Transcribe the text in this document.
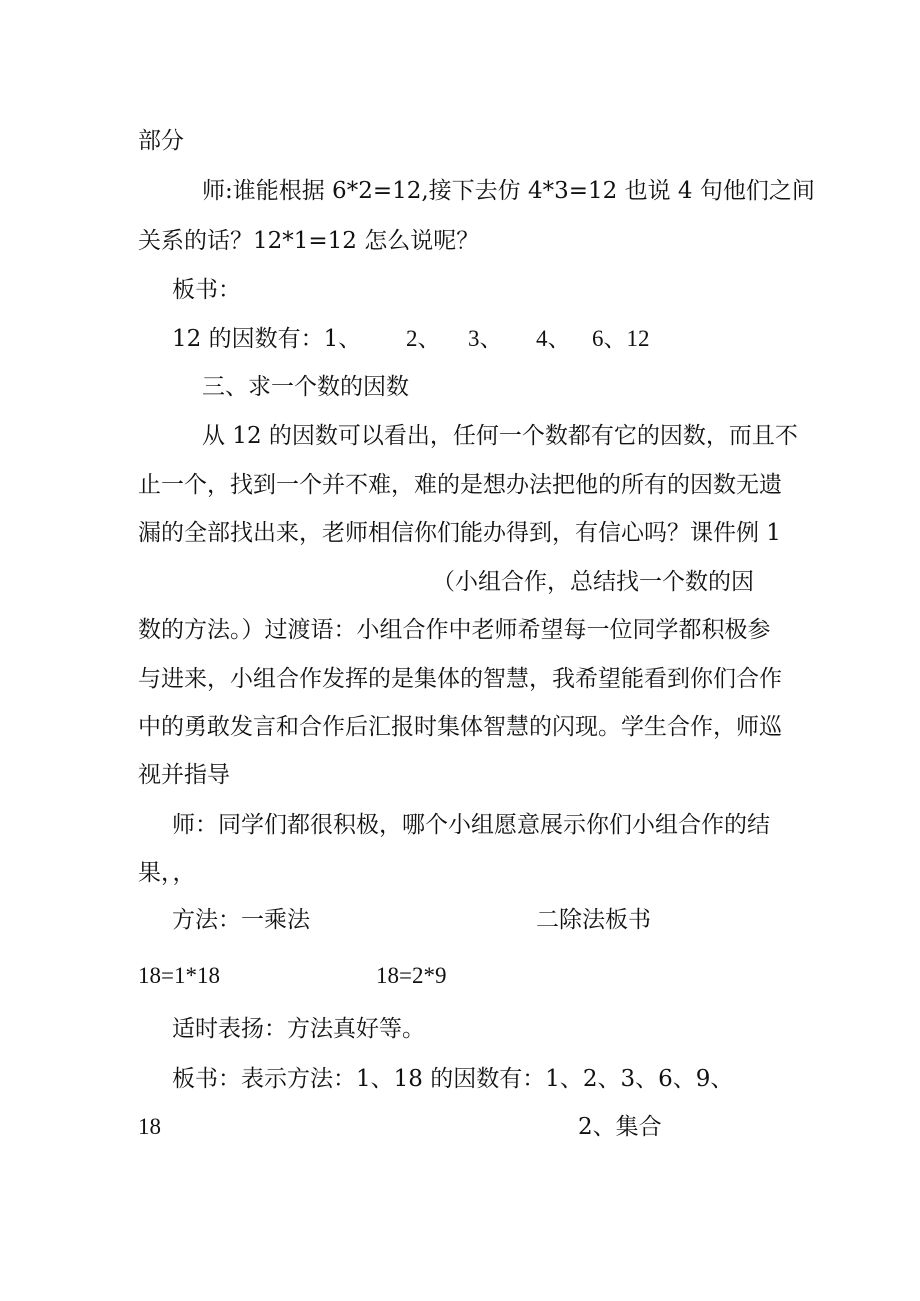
部分
师:谁能根据 6*2=12,接下去仿 4*3=12 也说 4 句他们之间
关系的话？12*1=12 怎么说呢？
板书：
12 的因数有：1、 2、 3、 4、 6、12
三、求一个数的因数
从 12 的因数可以看出，任何一个数都有它的因数，而且不
止一个，找到一个并不难，难的是想办法把他的所有的因数无遗
漏的全部找出来，老师相信你们能办得到，有信心吗？课件例 1
（小组合作，总结找一个数的因
数的方法。）过渡语：小组合作中老师希望每一位同学都积极参
与进来，小组合作发挥的是集体的智慧，我希望能看到你们合作
中的勇敢发言和合作后汇报时集体智慧的闪现。学生合作，师巡
视并指导
师：同学们都很积极，哪个小组愿意展示你们小组合作的结
果，，
方法：一乘法	二除法板书
18=1*18	18=2*9
适时表扬：方法真好等。
板书：表示方法：1、18 的因数有：1、2、3、6、9、
18	2、集合
